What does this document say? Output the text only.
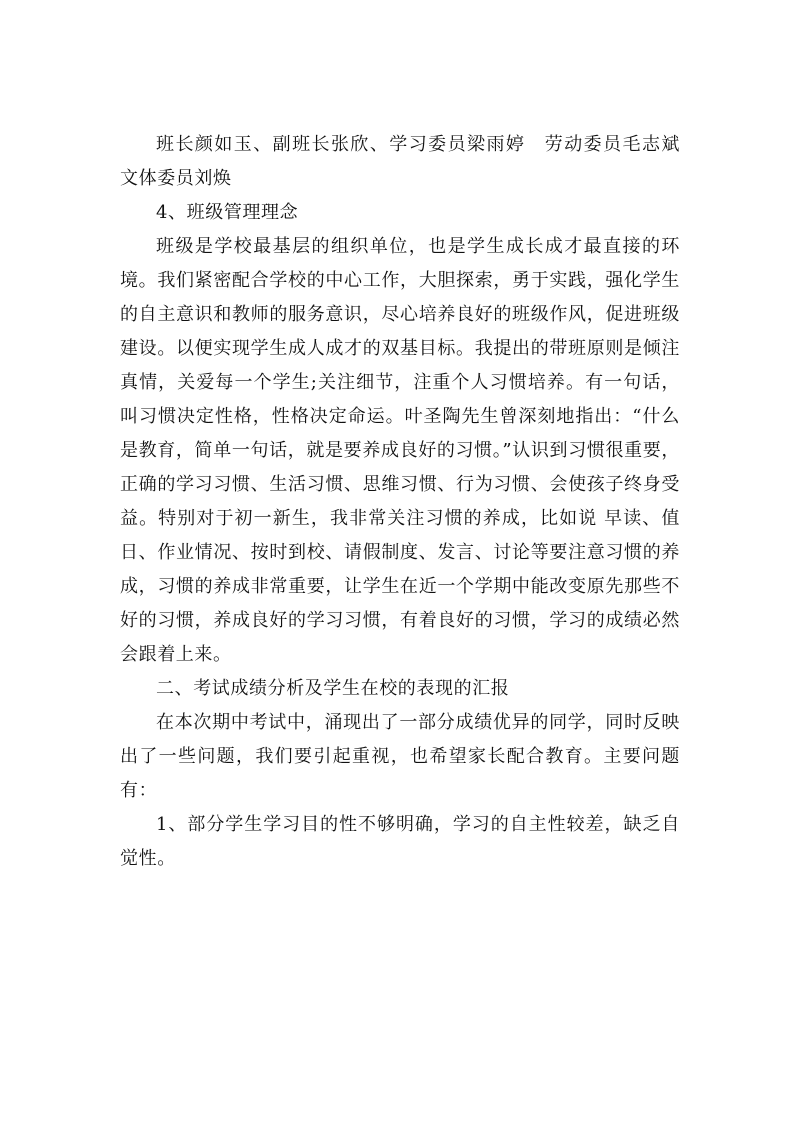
班长颜如玉、副班长张欣、学习委员梁雨婷　劳动委员毛志斌 文体委员刘焕

4、班级管理理念

班级是学校最基层的组织单位，也是学生成长成才最直接的环境。我们紧密配合学校的中心工作，大胆探索，勇于实践，强化学生的自主意识和教师的服务意识，尽心培养良好的班级作风，促进班级建设。以便实现学生成人成才的双基目标。我提出的带班原则是倾注真情，关爱每一个学生;关注细节，注重个人习惯培养。有一句话，叫习惯决定性格，性格决定命运。叶圣陶先生曾深刻地指出：“什么是教育，简单一句话，就是要养成良好的习惯。”认识到习惯很重要，正确的学习习惯、生活习惯、思维习惯、行为习惯、会使孩子终身受益。特别对于初一新生，我非常关注习惯的养成，比如说 早读、值日、作业情况、按时到校、请假制度、发言、讨论等要注意习惯的养成，习惯的养成非常重要，让学生在近一个学期中能改变原先那些不好的习惯，养成良好的学习习惯，有着良好的习惯，学习的成绩必然会跟着上来。

二、考试成绩分析及学生在校的表现的汇报

在本次期中考试中，涌现出了一部分成绩优异的同学，同时反映出了一些问题，我们要引起重视，也希望家长配合教育。主要问题有：

1、部分学生学习目的性不够明确，学习的自主性较差，缺乏自觉性。
